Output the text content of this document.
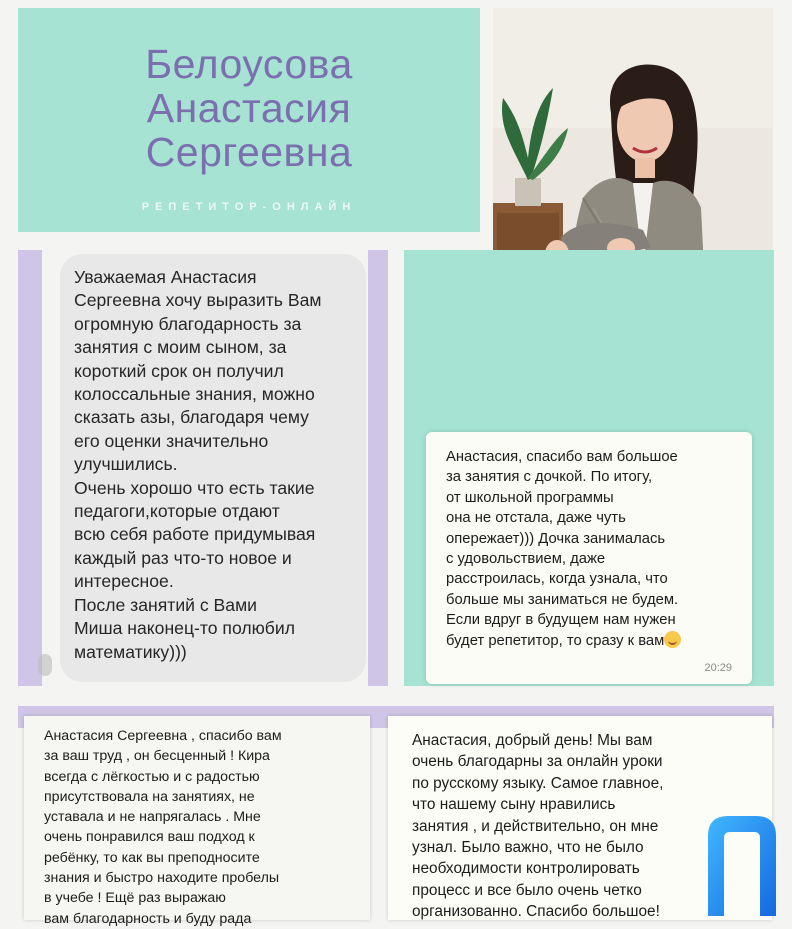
Белоусова
Анастасия
Сергеевна
РЕПЕТИТОР-ОНЛАЙН
Уважаемая Анастасия
Сергеевна хочу выразить Вам
огромную благодарность за
занятия с моим сыном, за
короткий срок он получил
колоссальные знания, можно
сказать азы, благодаря чему
его оценки значительно
улучшились.
Очень хорошо что есть такие
педагоги,которые отдают
всю себя работе придумывая
каждый раз что-то новое и
интересное.
После занятий с Вами
Миша наконец-то полюбил
математику)))
Анастасия, спасибо вам большое
за занятия с дочкой. По итогу,
от школьной программы
она не отстала, даже чуть
опережает))) Дочка занималась
с удовольствием, даже
расстроилась, когда узнала, что
больше мы заниматься не будем.
Если вдруг в будущем нам нужен
будет репетитор, то сразу к вам
20:29
Анастасия Сергеевна , спасибо вам
за ваш труд , он бесценный ! Кира
всегда с лёгкостью и с радостью
присутствовала на занятиях, не
уставала и не напрягалась . Мне
очень понравился ваш подход к
ребёнку, то как вы преподносите
знания и быстро находите пробелы
в учебе ! Ещё раз выражаю
вам благодарность и буду рада
Анастасия, добрый день! Мы вам
очень благодарны за онлайн уроки
по русскому языку. Самое главное,
что нашему сыну нравились
занятия , и действительно, он мне
узнал. Было важно, что не было
необходимости контролировать
процесс и все было очень четко
организованно. Спасибо большое!
